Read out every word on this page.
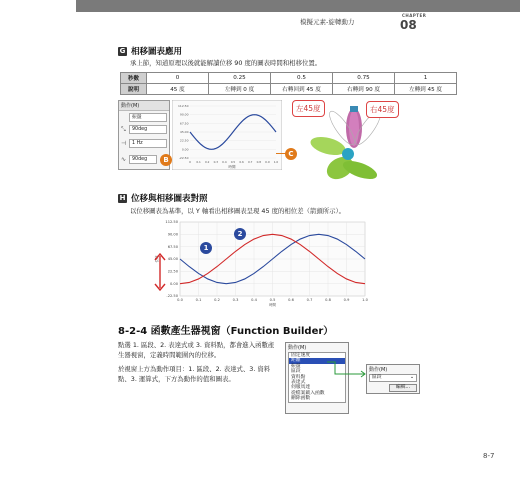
模擬元素-旋轉動力
CHAPTER
08
G 相移圖表應用
承上節，知道原理以後就能解讀位移 90 度的圖表時間和相移位置。
秒數	0	0.25	0.5	0.75	1
說明	45 度	左轉到 0 度	右轉回到 45 度	右轉到 90 度	左轉到 45 度
動作(M)
振盪
⤡	90deg
⊣	1 Hz
∿	90deg	B
112.50
90.00
67.50
45.00
22.50
0.00
-22.50
0 0.1 0.2 0.3 0.4 0.5 0.6 0.7 0.8 0.9 1.0
時間
C
左45度	右45度
H 位移與相移圖表對照
以位移圖表為基準，以 Y 軸看出相移圖表呈現 45 度的相位差（箭頭所示）。
112.50
90.00
67.50
45.00
22.50
0.00
-22.50
0.0	0.1	0.2	0.3	0.4	0.5	0.6	0.7	0.8	0.9	1.0
時間
位移
1
2
8-2-4 函數產生器視窗（Function Builder）
點選 1. 區段、2. 表達式或 3. 資料點，都會進入函數產生器視窗，定義時間範圍內的位移。
於視窗上方為動作項目：1. 區段、2. 表達式、3. 資料點、3. 運算式，下方為動作的值和圖表。
動作(M)
固定速度
距離
振盪
區段
資料點
表達式
伺服馬達
從檔案載入函數
刪除函數
動作(M)
區段	⌄
編輯...
8-7
